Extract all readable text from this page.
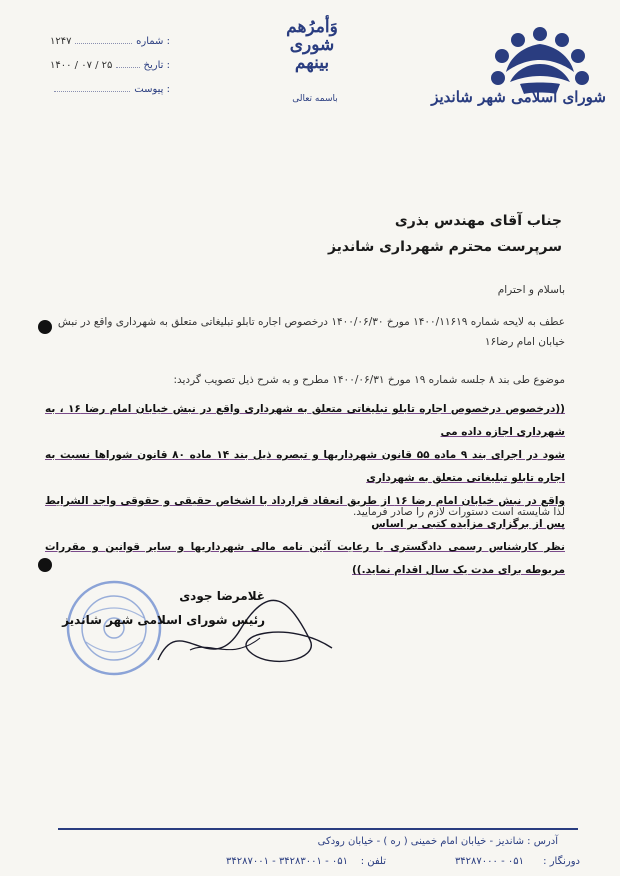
۱۲۴۷	شماره :
۱۴۰۰ / ۰۷ / ۲۵	تاریخ :
پیوست :
وَأمرُهم شوری بینهم
باسمه تعالی	شورای اسلامی شهر شاندیز
جناب آقای مهندس بذری
سرپرست محترم شهرداری شاندیز
باسلام و احترام
عطف به لایحه شماره ۱۴۰۰/۱۱۶۱۹ مورخ ۱۴۰۰/۰۶/۳۰ درخصوص اجاره تابلو تبلیغاتی متعلق به شهرداری واقع در نبش
خیابان امام رضا۱۶
موضوع طی بند ۸ جلسه شماره ۱۹ مورخ ۱۴۰۰/۰۶/۳۱ مطرح و به شرح ذیل تصویب گردید:
((درخصوص درخصوص اجاره تابلو تبلیغاتی متعلق به شهرداری واقع در نبش خیابان امام رضا ۱۶ ، به شهرداری اجازه داده می
شود در اجرای بند ۹ ماده ۵۵ قانون شهرداریها و تبصره ذیل بند ۱۴ ماده ۸۰ قانون شوراها نسبت به اجاره تابلو تبلیغاتی متعلق به شهرداری
واقع در نبش خیابان امام رضا ۱۶ از طریق انعقاد قرارداد با اشخاص حقیقی و حقوقی واجد الشرایط پس از برگزاری مزایده کتبی بر اساس
نظر کارشناس رسمی دادگستری با رعایت آئین نامه مالی شهرداریها و سایر قوانین و مقررات مربوطه برای مدت یک سال اقدام نماید.))
لذا شایسته است دستورات لازم را صادر فرمایید.
غلامرضا جودی
رئیس شورای اسلامی شهر شاندیز
آدرس : شاندیز - خیابان امام خمینی ( ره ) - خیابان رودکی
دورنگار :
۰۵۱ - ۳۴۲۸۷۰۰۰
تلفن :
۰۵۱ - ۳۴۲۸۳۰۰۱ - ۳۴۲۸۷۰۰۱
